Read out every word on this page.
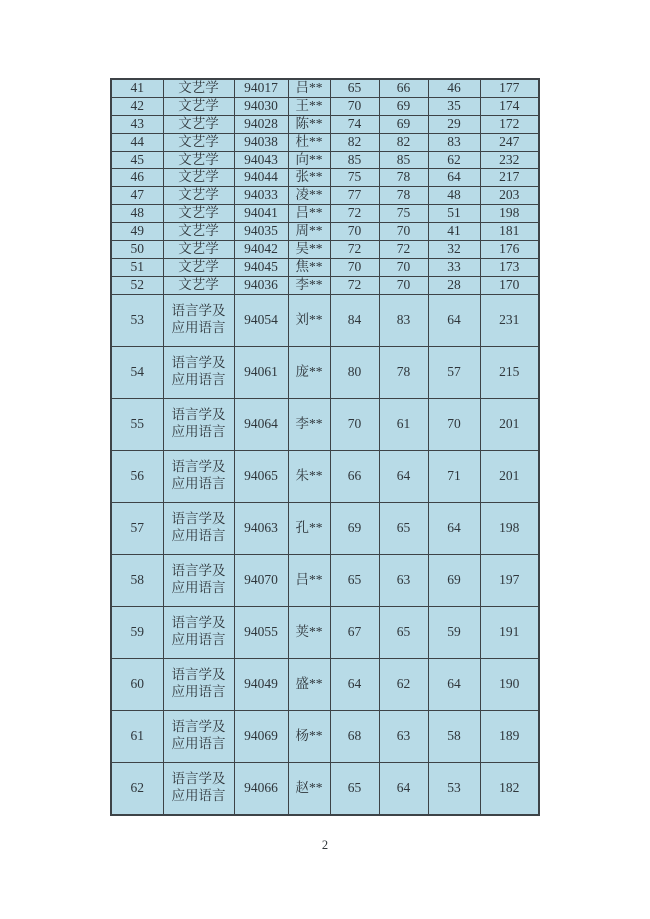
41	文艺学	94017	吕**	65	66	46	177
42	文艺学	94030	王**	70	69	35	174
43	文艺学	94028	陈**	74	69	29	172
44	文艺学	94038	杜**	82	82	83	247
45	文艺学	94043	向**	85	85	62	232
46	文艺学	94044	张**	75	78	64	217
47	文艺学	94033	凌**	77	78	48	203
48	文艺学	94041	吕**	72	75	51	198
49	文艺学	94035	周**	70	70	41	181
50	文艺学	94042	吴**	72	72	32	176
51	文艺学	94045	焦**	70	70	33	173
52	文艺学	94036	李**	72	70	28	170
53	语言学及应用语言	94054	刘**	84	83	64	231
54	语言学及应用语言	94061	庞**	80	78	57	215
55	语言学及应用语言	94064	李**	70	61	70	201
56	语言学及应用语言	94065	朱**	66	64	71	201
57	语言学及应用语言	94063	孔**	69	65	64	198
58	语言学及应用语言	94070	吕**	65	63	69	197
59	语言学及应用语言	94055	荚**	67	65	59	191
60	语言学及应用语言	94049	盛**	64	62	64	190
61	语言学及应用语言	94069	杨**	68	63	58	189
62	语言学及应用语言	94066	赵**	65	64	53	182
2
